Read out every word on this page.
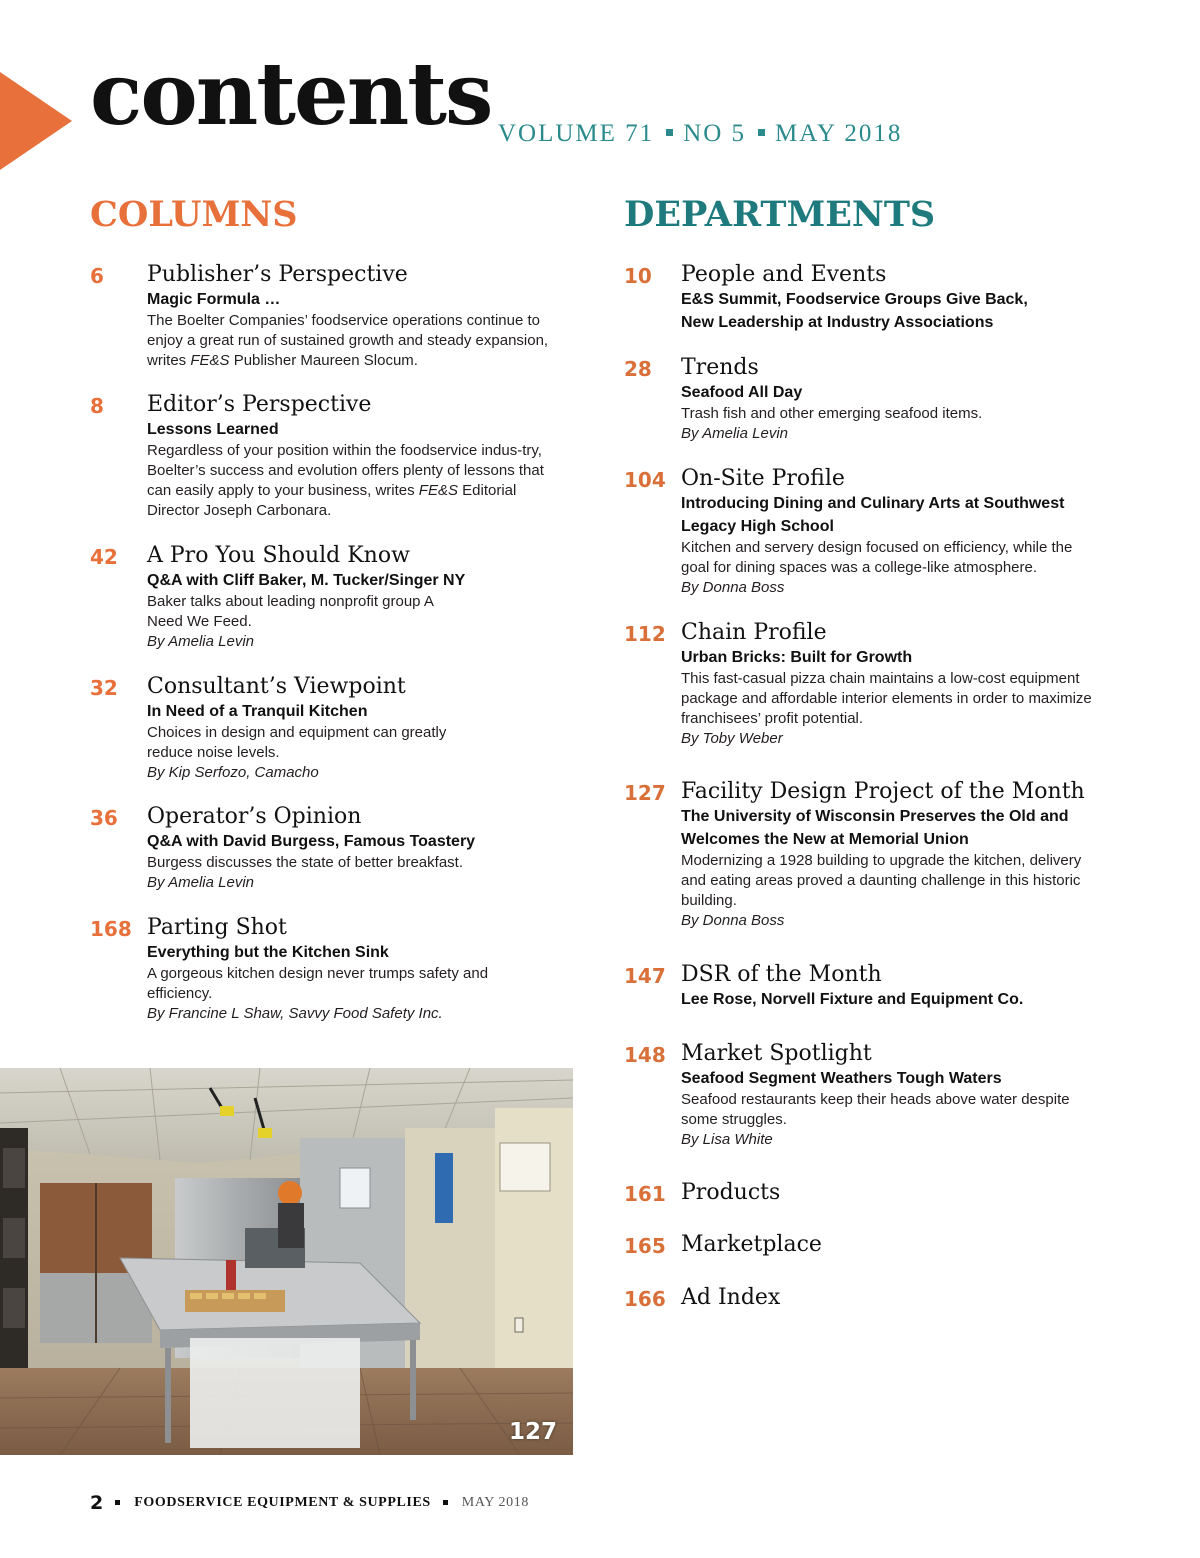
contents VOLUME 71 NO 5 MAY 2018
COLUMNS	DEPARTMENTS
6 Publisher’s Perspective
Magic Formula …
The Boelter Companies’ foodservice operations continue to enjoy a great run of sustained growth and steady expansion, writes FE&S Publisher Maureen Slocum.
8 Editor’s Perspective
Lessons Learned
Regardless of your position within the foodservice indus-try, Boelter’s success and evolution offers plenty of lessons that can easily apply to your business, writes FE&S Editorial Director Joseph Carbonara.
42 A Pro You Should Know
Q&A with Cliff Baker, M. Tucker/Singer NY
Baker talks about leading nonprofit group A Need We Feed.
By Amelia Levin
32 Consultant’s Viewpoint
In Need of a Tranquil Kitchen
Choices in design and equipment can greatly reduce noise levels.
By Kip Serfozo, Camacho
36 Operator’s Opinion
Q&A with David Burgess, Famous Toastery
Burgess discusses the state of better breakfast.
By Amelia Levin
168 Parting Shot
Everything but the Kitchen Sink
A gorgeous kitchen design never trumps safety and efficiency.
By Francine L Shaw, Savvy Food Safety Inc.
10 People and Events
E&S Summit, Foodservice Groups Give Back, New Leadership at Industry Associations
28 Trends
Seafood All Day
Trash fish and other emerging seafood items.
By Amelia Levin
104 On-Site Profile
Introducing Dining and Culinary Arts at Southwest Legacy High School
Kitchen and servery design focused on efficiency, while the goal for dining spaces was a college-like atmosphere.
By Donna Boss
112 Chain Profile
Urban Bricks: Built for Growth
This fast-casual pizza chain maintains a low-cost equipment package and affordable interior elements in order to maximize franchisees’ profit potential.
By Toby Weber
127 Facility Design Project of the Month
The University of Wisconsin Preserves the Old and Welcomes the New at Memorial Union
Modernizing a 1928 building to upgrade the kitchen, delivery and eating areas proved a daunting challenge in this historic building.
By Donna Boss
147 DSR of the Month
Lee Rose, Norvell Fixture and Equipment Co.
148 Market Spotlight
Seafood Segment Weathers Tough Waters
Seafood restaurants keep their heads above water despite some struggles.
By Lisa White
161 Products
165 Marketplace
166 Ad Index
127
2 FOODSERVICE EQUIPMENT & SUPPLIES MAY 2018
